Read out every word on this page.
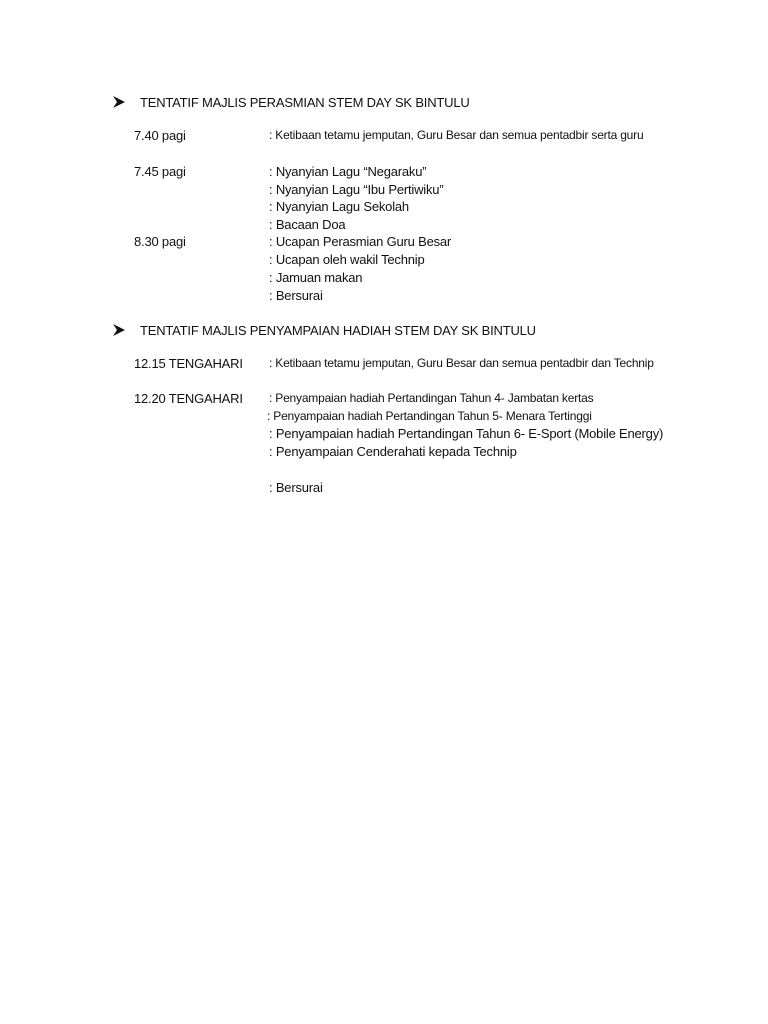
TENTATIF MAJLIS PERASMIAN STEM DAY SK BINTULU
7.40 pagi	: Ketibaan tetamu jemputan, Guru Besar dan semua pentadbir serta guru
7.45 pagi	: Nyanyian Lagu “Negaraku”
: Nyanyian Lagu “Ibu Pertiwiku”
: Nyanyian Lagu Sekolah
: Bacaan Doa
8.30 pagi	: Ucapan Perasmian Guru Besar
: Ucapan oleh wakil Technip
: Jamuan makan
: Bersurai
TENTATIF MAJLIS PENYAMPAIAN HADIAH STEM DAY SK BINTULU
12.15 TENGAHARI : Ketibaan tetamu jemputan, Guru Besar dan semua pentadbir dan Technip
12.20 TENGAHARI : Penyampaian hadiah Pertandingan Tahun 4- Jambatan kertas
: Penyampaian hadiah Pertandingan Tahun 5- Menara Tertinggi
: Penyampaian hadiah Pertandingan Tahun 6- E-Sport (Mobile Energy)
: Penyampaian Cenderahati kepada Technip
: Bersurai
